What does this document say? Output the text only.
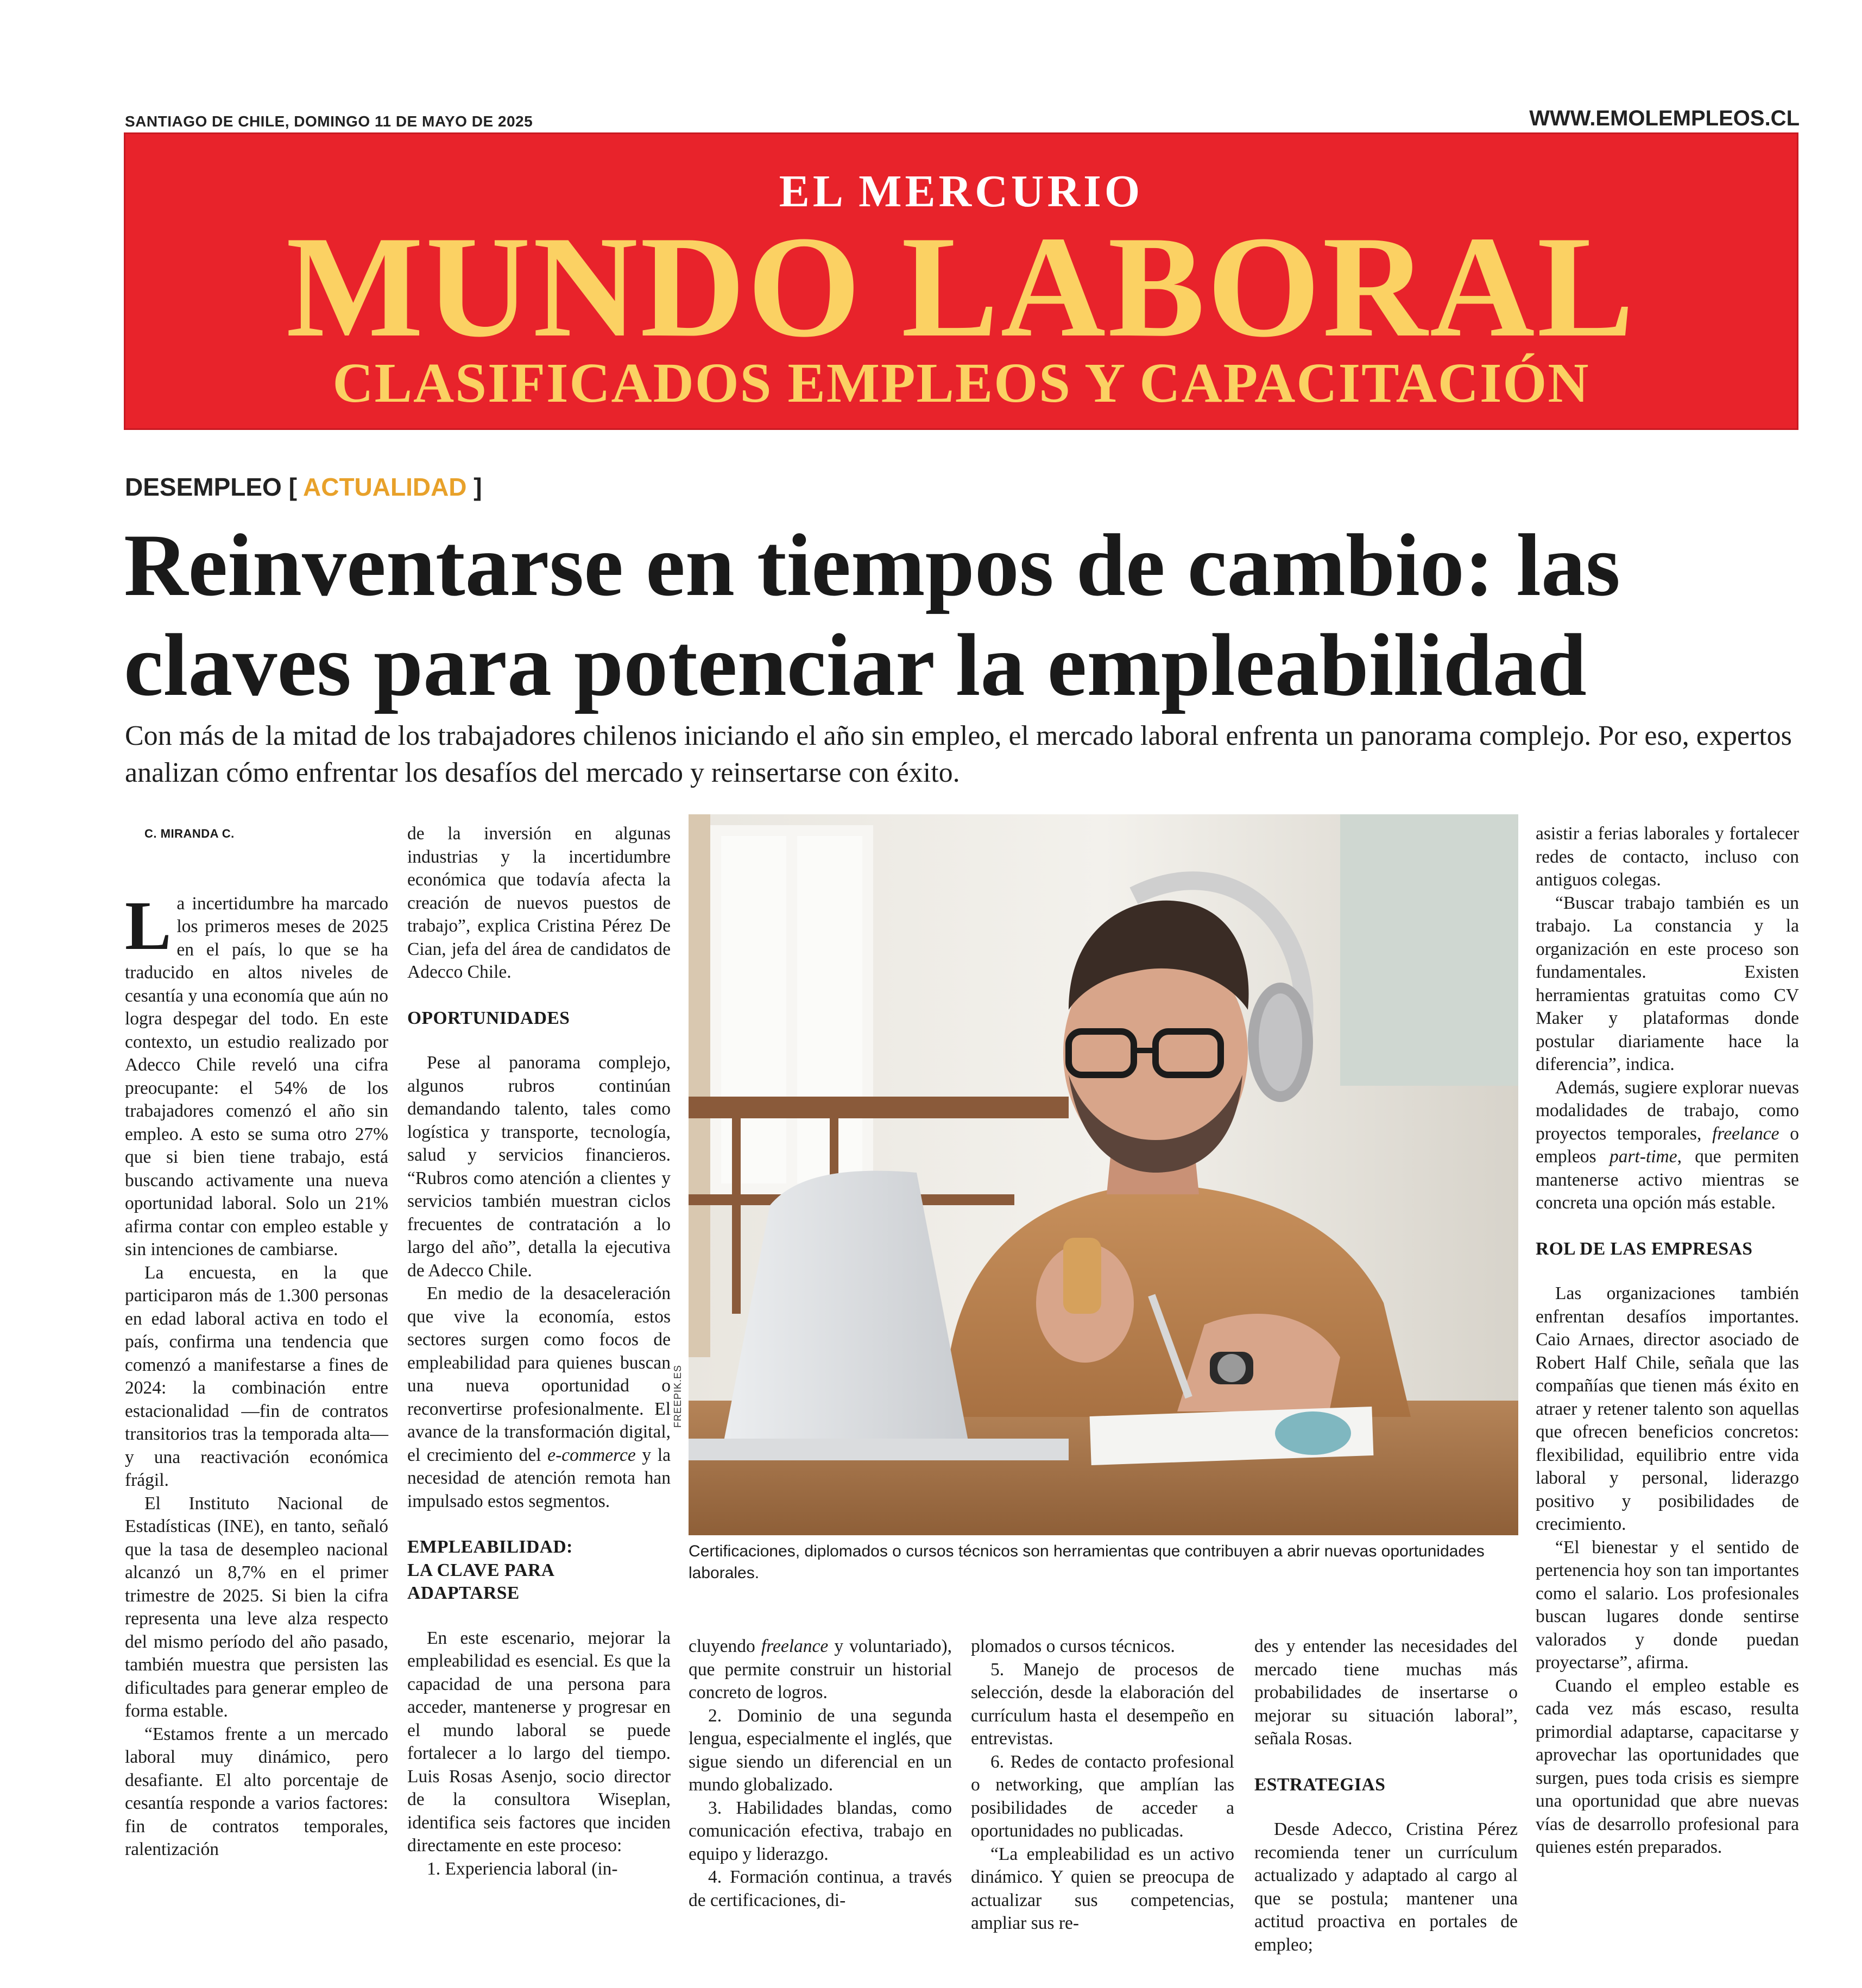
SANTIAGO DE CHILE, DOMINGO 11 DE MAYO DE 2025	WWW.EMOLEMPLEOS.CL
EL MERCURIO
MUNDO LABORAL
CLASIFICADOS EMPLEOS Y CAPACITACIÓN
DESEMPLEO [ ACTUALIDAD ]
Reinventarse en tiempos de cambio: las claves para potenciar la empleabilidad
Con más de la mitad de los trabajadores chilenos iniciando el año sin empleo, el mercado laboral enfrenta un panorama complejo. Por eso, expertos analizan cómo enfrentar los desafíos del mercado y reinsertarse con éxito.
C. MIRANDA C.

La incertidumbre ha marcado los primeros meses de 2025 en el país, lo que se ha traducido en altos niveles de cesantía y una economía que aún no logra despegar del todo. En este contexto, un estudio realizado por Adecco Chile reveló una cifra preocupante: el 54% de los trabajadores comenzó el año sin empleo. A esto se suma otro 27% que si bien tiene trabajo, está buscando activamente una nueva oportunidad laboral. Solo un 21% afirma contar con empleo estable y sin intenciones de cambiarse.

La encuesta, en la que participaron más de 1.300 personas en edad laboral activa en todo el país, confirma una tendencia que comenzó a manifestarse a fines de 2024: la combinación entre estacionalidad —fin de contratos transitorios tras la temporada alta— y una reactivación económica frágil.

El Instituto Nacional de Estadísticas (INE), en tanto, señaló que la tasa de desempleo nacional alcanzó un 8,7% en el primer trimestre de 2025. Si bien la cifra representa una leve alza respecto del mismo período del año pasado, también muestra que persisten las dificultades para generar empleo de forma estable.

“Estamos frente a un mercado laboral muy dinámico, pero desafiante. El alto porcentaje de cesantía responde a varios factores: fin de contratos temporales, ralentización

de la inversión en algunas industrias y la incertidumbre económica que todavía afecta la creación de nuevos puestos de trabajo”, explica Cristina Pérez De Cian, jefa del área de candidatos de Adecco Chile.

OPORTUNIDADES

Pese al panorama complejo, algunos rubros continúan demandando talento, tales como logística y transporte, tecnología, salud y servicios financieros. “Rubros como atención a clientes y servicios también muestran ciclos frecuentes de contratación a lo largo del año”, detalla la ejecutiva de Adecco Chile.

En medio de la desaceleración que vive la economía, estos sectores surgen como focos de empleabilidad para quienes buscan una nueva oportunidad o reconvertirse profesionalmente. El avance de la transformación digital, el crecimiento del e-commerce y la necesidad de atención remota han impulsado estos segmentos.

EMPLEABILIDAD:
LA CLAVE PARA
ADAPTARSE

En este escenario, mejorar la empleabilidad es esencial. Es que la capacidad de una persona para acceder, mantenerse y progresar en el mundo laboral se puede fortalecer a lo largo del tiempo. Luis Rosas Asenjo, socio director de la consultora Wiseplan, identifica seis factores que inciden directamente en este proceso:

1. Experiencia laboral (in-

FREEPIK.ES
Certificaciones, diplomados o cursos técnicos son herramientas que contribuyen a abrir nuevas oportunidades laborales.

cluyendo freelance y voluntariado), que permite construir un historial concreto de logros.

2. Dominio de una segunda lengua, especialmente el inglés, que sigue siendo un diferencial en un mundo globalizado.

3. Habilidades blandas, como comunicación efectiva, trabajo en equipo y liderazgo.

4. Formación continua, a través de certificaciones, di-

plomados o cursos técnicos.

5. Manejo de procesos de selección, desde la elaboración del currículum hasta el desempeño en entrevistas.

6. Redes de contacto profesional o networking, que amplían las posibilidades de acceder a oportunidades no publicadas.

“La empleabilidad es un activo dinámico. Y quien se preocupa de actualizar sus competencias, ampliar sus re-

des y entender las necesidades del mercado tiene muchas más probabilidades de insertarse o mejorar su situación laboral”, señala Rosas.

ESTRATEGIAS

Desde Adecco, Cristina Pérez recomienda tener un currículum actualizado y adaptado al cargo al que se postula; mantener una actitud proactiva en portales de empleo;

asistir a ferias laborales y fortalecer redes de contacto, incluso con antiguos colegas.

“Buscar trabajo también es un trabajo. La constancia y la organización en este proceso son fundamentales. Existen herramientas gratuitas como CV Maker y plataformas donde postular diariamente hace la diferencia”, indica.

Además, sugiere explorar nuevas modalidades de trabajo, como proyectos temporales, freelance o empleos part-time, que permiten mantenerse activo mientras se concreta una opción más estable.

ROL DE LAS EMPRESAS

Las organizaciones también enfrentan desafíos importantes. Caio Arnaes, director asociado de Robert Half Chile, señala que las compañías que tienen más éxito en atraer y retener talento son aquellas que ofrecen beneficios concretos: flexibilidad, equilibrio entre vida laboral y personal, liderazgo positivo y posibilidades de crecimiento.

“El bienestar y el sentido de pertenencia hoy son tan importantes como el salario. Los profesionales buscan lugares donde sentirse valorados y donde puedan proyectarse”, afirma.

Cuando el empleo estable es cada vez más escaso, resulta primordial adaptarse, capacitarse y aprovechar las oportunidades que surgen, pues toda crisis es siempre una oportunidad que abre nuevas vías de desarrollo profesional para quienes estén preparados.
